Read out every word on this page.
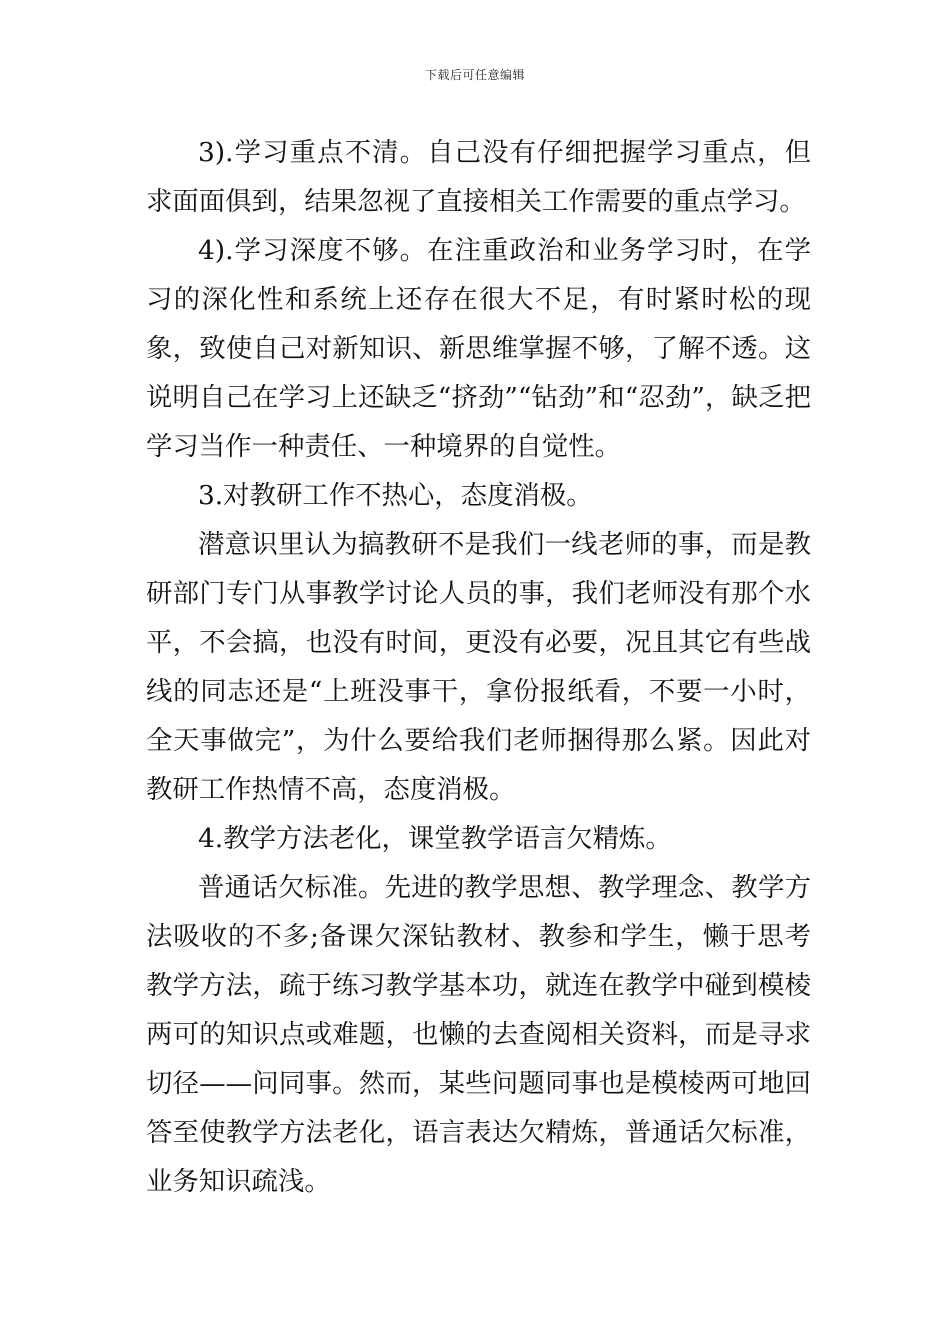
下载后可任意编辑

3).学习重点不清。自己没有仔细把握学习重点，但求面面俱到，结果忽视了直接相关工作需要的重点学习。

4).学习深度不够。在注重政治和业务学习时，在学习的深化性和系统上还存在很大不足，有时紧时松的现象，致使自己对新知识、新思维掌握不够，了解不透。这说明自己在学习上还缺乏“挤劲”“钻劲”和“忍劲”，缺乏把学习当作一种责任、一种境界的自觉性。

3.对教研工作不热心，态度消极。

潜意识里认为搞教研不是我们一线老师的事，而是教研部门专门从事教学讨论人员的事，我们老师没有那个水平，不会搞，也没有时间，更没有必要，况且其它有些战线的同志还是“上班没事干，拿份报纸看，不要一小时，全天事做完”，为什么要给我们老师捆得那么紧。因此对教研工作热情不高，态度消极。

4.教学方法老化，课堂教学语言欠精炼。

普通话欠标准。先进的教学思想、教学理念、教学方法吸收的不多;备课欠深钻教材、教参和学生，懒于思考教学方法，疏于练习教学基本功，就连在教学中碰到模棱两可的知识点或难题，也懒的去查阅相关资料，而是寻求切径——问同事。然而，某些问题同事也是模棱两可地回答至使教学方法老化，语言表达欠精炼，普通话欠标准，业务知识疏浅。
